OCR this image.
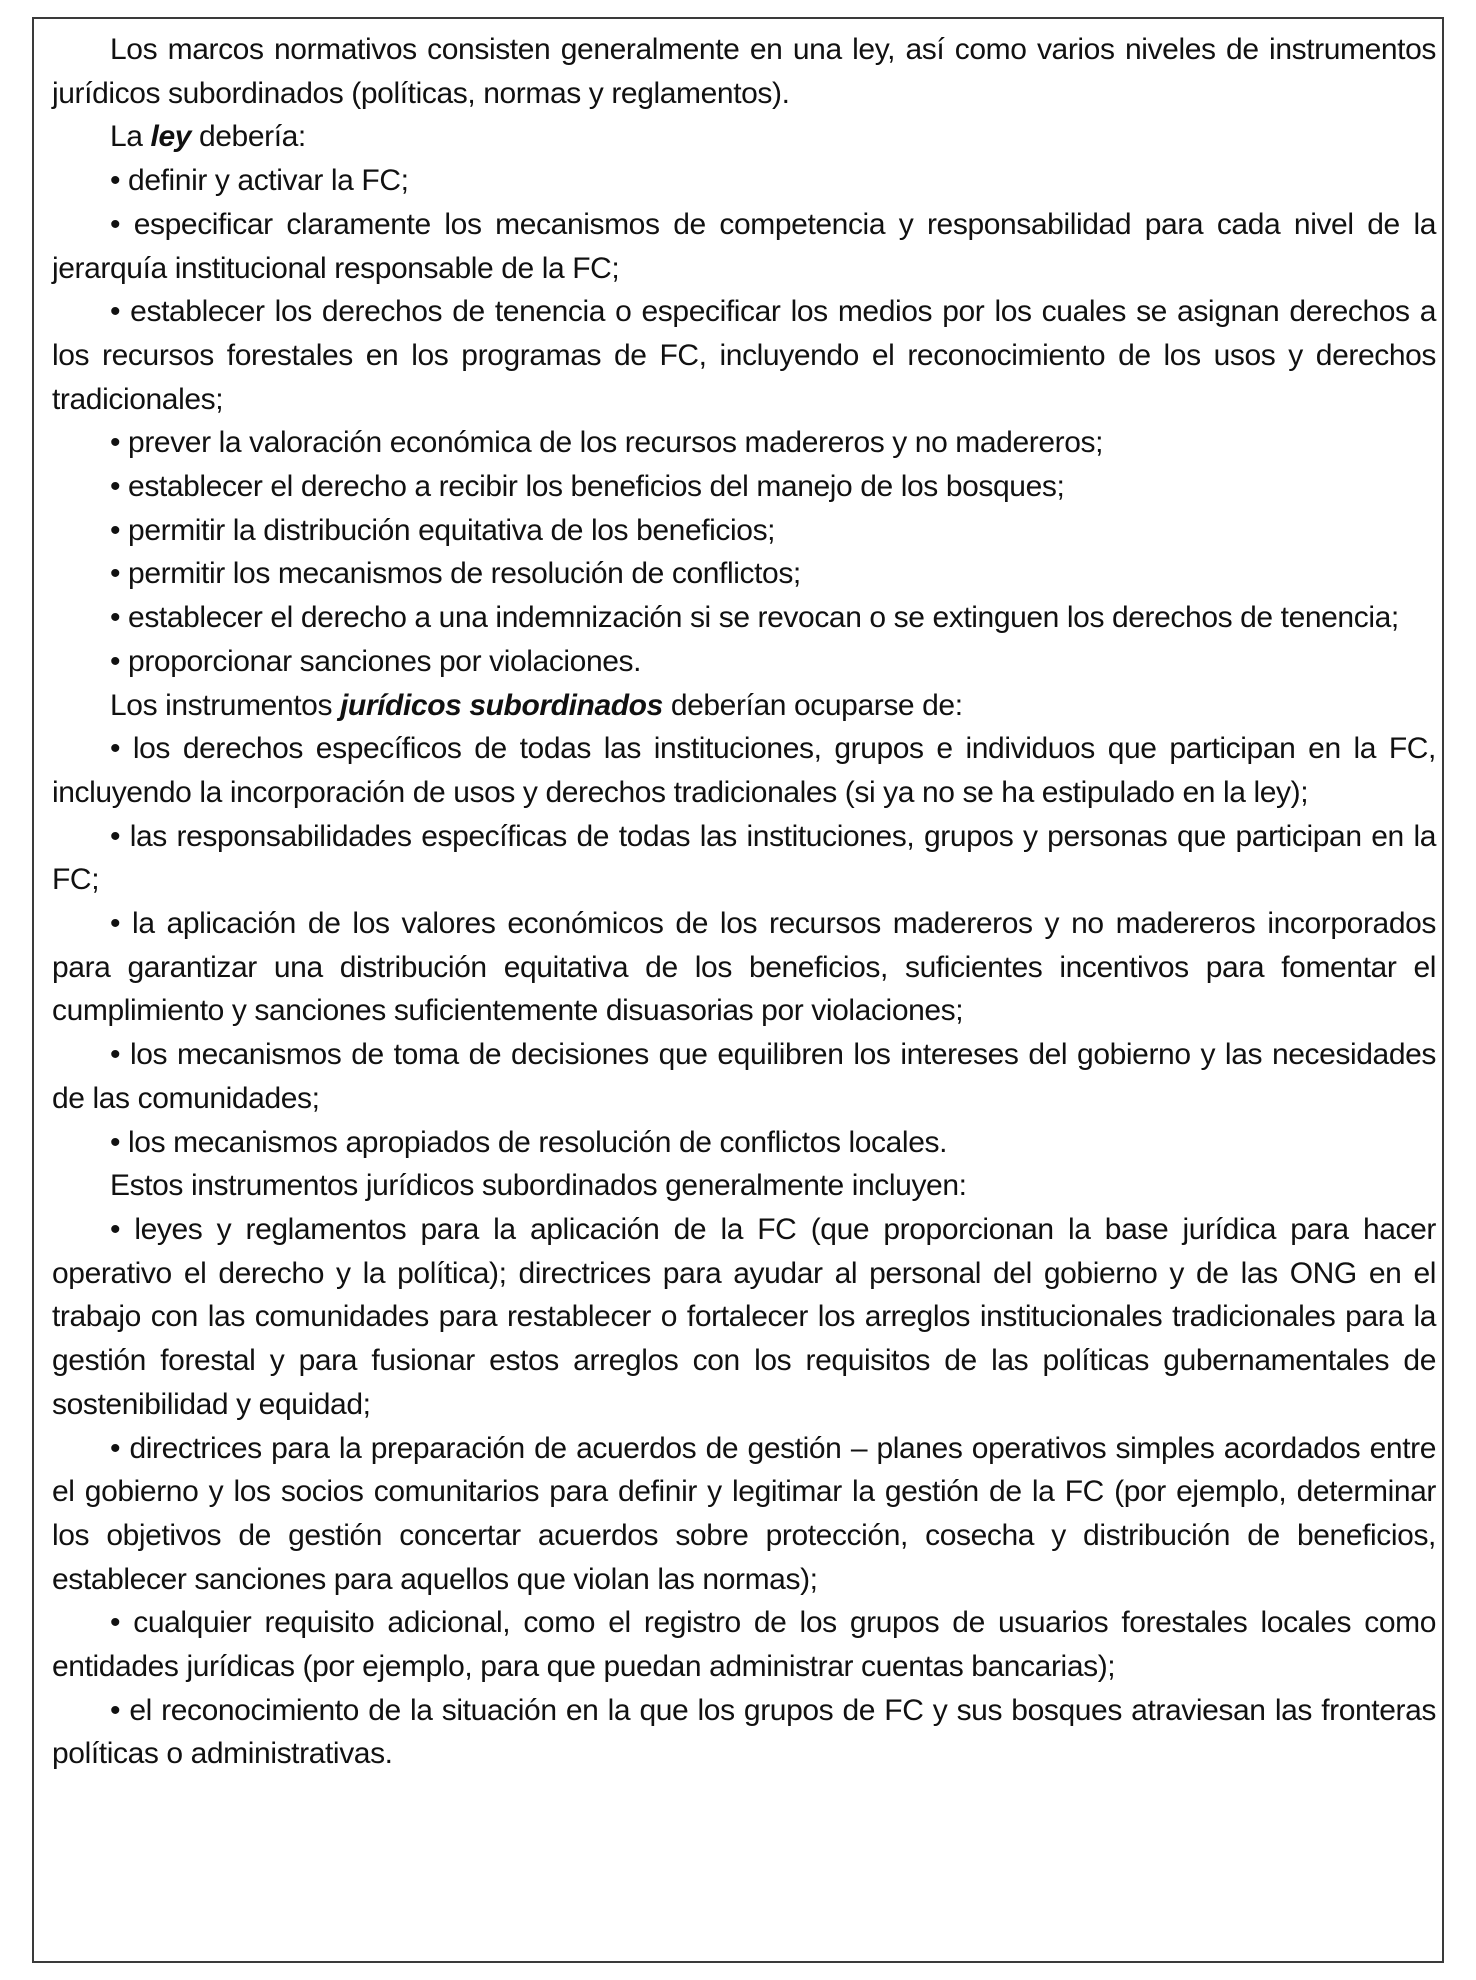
Los marcos normativos consisten generalmente en una ley, así como varios niveles de instrumentos jurídicos subordinados (políticas, normas y reglamentos).

La ley debería:

• definir y activar la FC;

• especificar claramente los mecanismos de competencia y responsabilidad para cada nivel de la jerarquía institucional responsable de la FC;

• establecer los derechos de tenencia o especificar los medios por los cuales se asignan derechos a los recursos forestales en los programas de FC, incluyendo el reconocimiento de los usos y derechos tradicionales;

• prever la valoración económica de los recursos madereros y no madereros;

• establecer el derecho a recibir los beneficios del manejo de los bosques;

• permitir la distribución equitativa de los beneficios;

• permitir los mecanismos de resolución de conflictos;

• establecer el derecho a una indemnización si se revocan o se extinguen los derechos de tenencia;

• proporcionar sanciones por violaciones.

Los instrumentos jurídicos subordinados deberían ocuparse de:

• los derechos específicos de todas las instituciones, grupos e individuos que participan en la FC, incluyendo la incorporación de usos y derechos tradicionales (si ya no se ha estipulado en la ley);

• las responsabilidades específicas de todas las instituciones, grupos y personas que participan en la FC;

• la aplicación de los valores económicos de los recursos madereros y no madereros incorporados para garantizar una distribución equitativa de los beneficios, suficientes incentivos para fomentar el cumplimiento y sanciones suficientemente disuasorias por violaciones;

• los mecanismos de toma de decisiones que equilibren los intereses del gobierno y las necesidades de las comunidades;

• los mecanismos apropiados de resolución de conflictos locales.

Estos instrumentos jurídicos subordinados generalmente incluyen:

• leyes y reglamentos para la aplicación de la FC (que proporcionan la base jurídica para hacer operativo el derecho y la política); directrices para ayudar al personal del gobierno y de las ONG en el trabajo con las comunidades para restablecer o fortalecer los arreglos institucionales tradicionales para la gestión forestal y para fusionar estos arreglos con los requisitos de las políticas gubernamentales de sostenibilidad y equidad;

• directrices para la preparación de acuerdos de gestión – planes operativos simples acordados entre el gobierno y los socios comunitarios para definir y legitimar la gestión de la FC (por ejemplo, determinar los objetivos de gestión concertar acuerdos sobre protección, cosecha y distribución de beneficios, establecer sanciones para aquellos que violan las normas);

• cualquier requisito adicional, como el registro de los grupos de usuarios forestales locales como entidades jurídicas (por ejemplo, para que puedan administrar cuentas bancarias);

• el reconocimiento de la situación en la que los grupos de FC y sus bosques atraviesan las fronteras políticas o administrativas.
